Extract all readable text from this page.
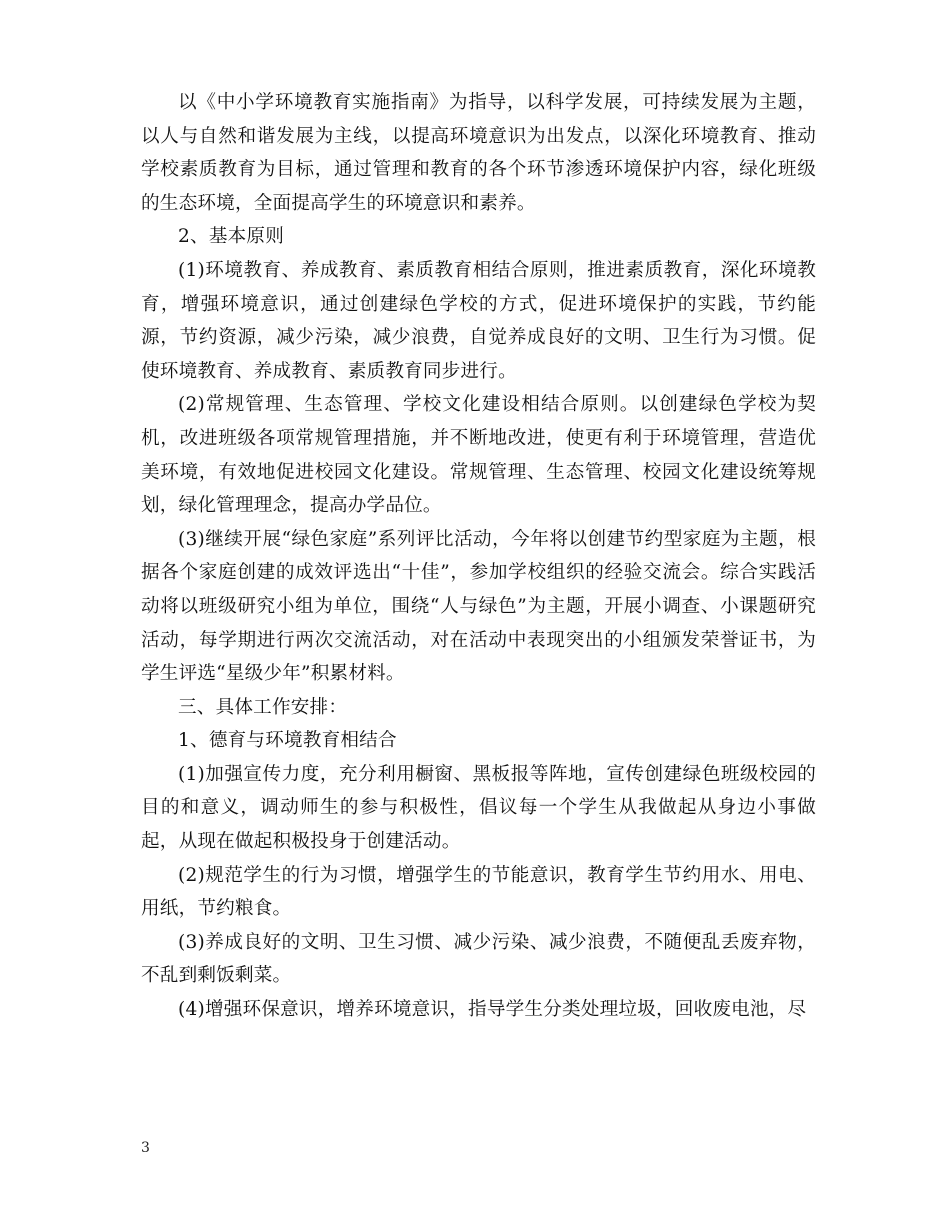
以《中小学环境教育实施指南》为指导，以科学发展，可持续发展为主题，以人与自然和谐发展为主线，以提高环境意识为出发点，以深化环境教育、推动学校素质教育为目标，通过管理和教育的各个环节渗透环境保护内容，绿化班级的生态环境，全面提高学生的环境意识和素养。

2、基本原则

(1)环境教育、养成教育、素质教育相结合原则，推进素质教育，深化环境教育，增强环境意识，通过创建绿色学校的方式，促进环境保护的实践，节约能源，节约资源，减少污染，减少浪费，自觉养成良好的文明、卫生行为习惯。促使环境教育、养成教育、素质教育同步进行。

(2)常规管理、生态管理、学校文化建设相结合原则。以创建绿色学校为契机，改进班级各项常规管理措施，并不断地改进，使更有利于环境管理，营造优美环境，有效地促进校园文化建设。常规管理、生态管理、校园文化建设统筹规划，绿化管理理念，提高办学品位。

(3)继续开展“绿色家庭”系列评比活动，今年将以创建节约型家庭为主题，根据各个家庭创建的成效评选出“十佳”，参加学校组织的经验交流会。综合实践活动将以班级研究小组为单位，围绕“人与绿色”为主题，开展小调查、小课题研究活动，每学期进行两次交流活动，对在活动中表现突出的小组颁发荣誉证书，为学生评选“星级少年”积累材料。

三、具体工作安排：

1、德育与环境教育相结合

(1)加强宣传力度，充分利用橱窗、黑板报等阵地，宣传创建绿色班级校园的目的和意义，调动师生的参与积极性，倡议每一个学生从我做起从身边小事做起，从现在做起积极投身于创建活动。

(2)规范学生的行为习惯，增强学生的节能意识，教育学生节约用水、用电、用纸，节约粮食。

(3)养成良好的文明、卫生习惯、减少污染、减少浪费，不随便乱丢废弃物，不乱到剩饭剩菜。

(4)增强环保意识，增养环境意识，指导学生分类处理垃圾，回收废电池，尽

3
